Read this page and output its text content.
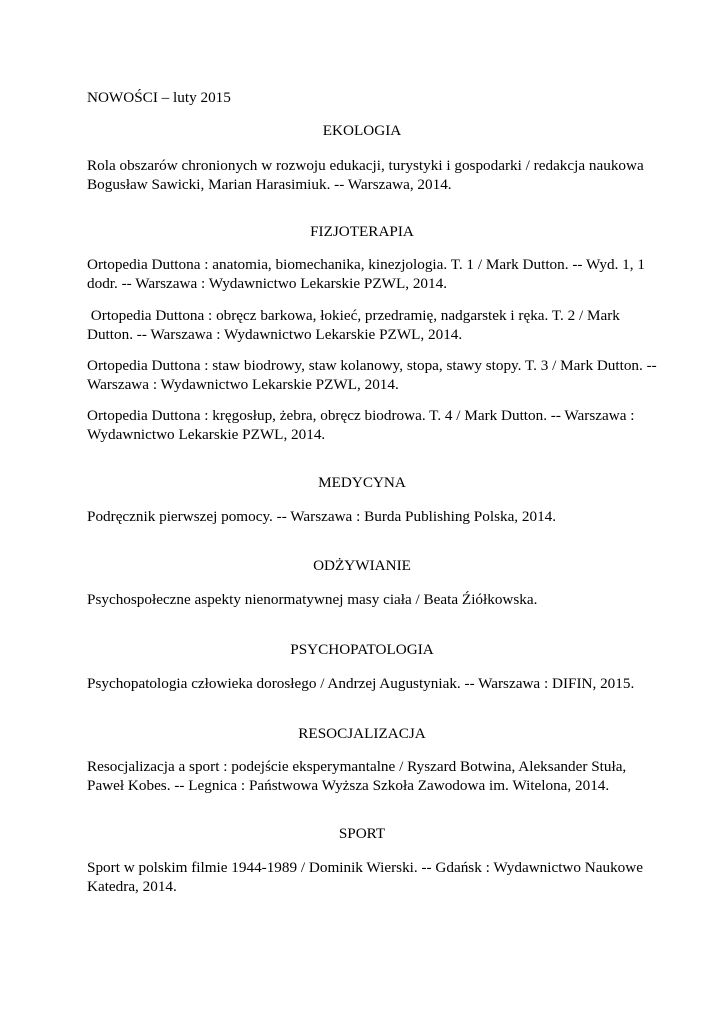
NOWOŚCI – luty 2015

EKOLOGIA

Rola obszarów chronionych w rozwoju edukacji, turystyki i gospodarki / redakcja naukowa
Bogusław Sawicki, Marian Harasimiuk. -- Warszawa, 2014.

FIZJOTERAPIA

Ortopedia Duttona : anatomia, biomechanika, kinezjologia. T. 1 / Mark Dutton. -- Wyd. 1, 1
dodr. -- Warszawa : Wydawnictwo Lekarskie PZWL, 2014.

Ortopedia Duttona : obręcz barkowa, łokieć, przedramię, nadgarstek i ręka. T. 2 / Mark
Dutton. -- Warszawa : Wydawnictwo Lekarskie PZWL, 2014.

Ortopedia Duttona : staw biodrowy, staw kolanowy, stopa, stawy stopy. T. 3 / Mark Dutton. --
Warszawa : Wydawnictwo Lekarskie PZWL, 2014.

Ortopedia Duttona : kręgosłup, żebra, obręcz biodrowa. T. 4 / Mark Dutton. -- Warszawa :
Wydawnictwo Lekarskie PZWL, 2014.

MEDYCYNA

Podręcznik pierwszej pomocy. -- Warszawa : Burda Publishing Polska, 2014.

ODŻYWIANIE

Psychospołeczne aspekty nienormatywnej masy ciała / Beata Źiółkowska.

PSYCHOPATOLOGIA

Psychopatologia człowieka dorosłego / Andrzej Augustyniak. -- Warszawa : DIFIN, 2015.

RESOCJALIZACJA

Resocjalizacja a sport : podejście eksperymantalne / Ryszard Botwina, Aleksander Stuła,
Paweł Kobes. -- Legnica : Państwowa Wyższa Szkoła Zawodowa im. Witelona, 2014.

SPORT

Sport w polskim filmie 1944-1989 / Dominik Wierski. -- Gdańsk : Wydawnictwo Naukowe
Katedra, 2014.
